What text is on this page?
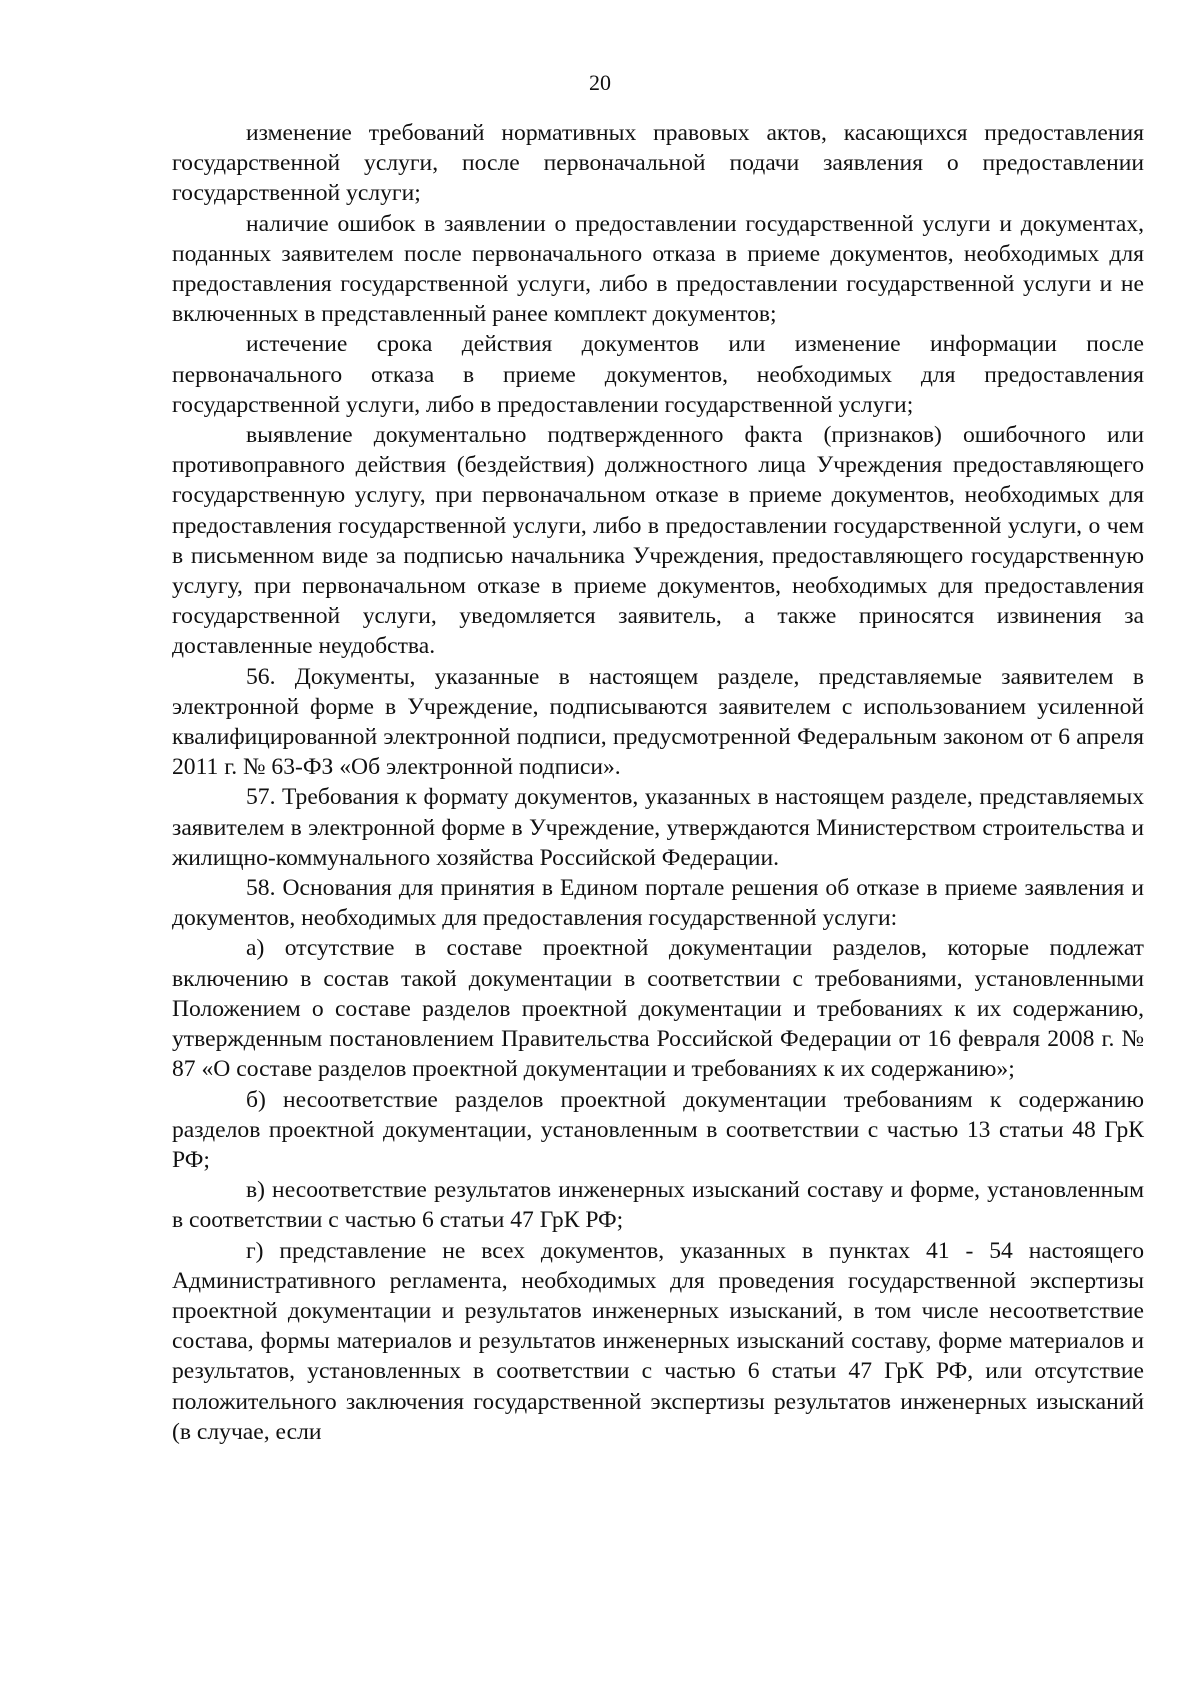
20

изменение требований нормативных правовых актов, касающихся предоставления государственной услуги, после первоначальной подачи заявления о предоставлении государственной услуги;

наличие ошибок в заявлении о предоставлении государственной услуги и документах, поданных заявителем после первоначального отказа в приеме документов, необходимых для предоставления государственной услуги, либо в предоставлении государственной услуги и не включенных в представленный ранее комплект документов;

истечение срока действия документов или изменение информации после первоначального отказа в приеме документов, необходимых для предоставления государственной услуги, либо в предоставлении государственной услуги;

выявление документально подтвержденного факта (признаков) ошибочного или противоправного действия (бездействия) должностного лица Учреждения предоставляющего государственную услугу, при первоначальном отказе в приеме документов, необходимых для предоставления государственной услуги, либо в предоставлении государственной услуги, о чем в письменном виде за подписью начальника Учреждения, предоставляющего государственную услугу, при первоначальном отказе в приеме документов, необходимых для предоставления государственной услуги, уведомляется заявитель, а также приносятся извинения за доставленные неудобства.

56. Документы, указанные в настоящем разделе, представляемые заявителем в электронной форме в Учреждение, подписываются заявителем с использованием усиленной квалифицированной электронной подписи, предусмотренной Федеральным законом от 6 апреля 2011 г. № 63-ФЗ «Об электронной подписи».

57. Требования к формату документов, указанных в настоящем разделе, представляемых заявителем в электронной форме в Учреждение, утверждаются Министерством строительства и жилищно-коммунального хозяйства Российской Федерации.

58. Основания для принятия в Едином портале решения об отказе в приеме заявления и документов, необходимых для предоставления государственной услуги:

а) отсутствие в составе проектной документации разделов, которые подлежат включению в состав такой документации в соответствии с требованиями, установленными Положением о составе разделов проектной документации и требованиях к их содержанию, утвержденным постановлением Правительства Российской Федерации от 16 февраля 2008 г. № 87 «О составе разделов проектной документации и требованиях к их содержанию»;

б) несоответствие разделов проектной документации требованиям к содержанию разделов проектной документации, установленным в соответствии с частью 13 статьи 48 ГрК РФ;

в) несоответствие результатов инженерных изысканий составу и форме, установленным в соответствии с частью 6 статьи 47 ГрК РФ;

г) представление не всех документов, указанных в пунктах 41 - 54 настоящего Административного регламента, необходимых для проведения государственной экспертизы проектной документации и результатов инженерных изысканий, в том числе несоответствие состава, формы материалов и результатов инженерных изысканий составу, форме материалов и результатов, установленных в соответствии с частью 6 статьи 47 ГрК РФ, или отсутствие положительного заключения государственной экспертизы результатов инженерных изысканий (в случае, если
